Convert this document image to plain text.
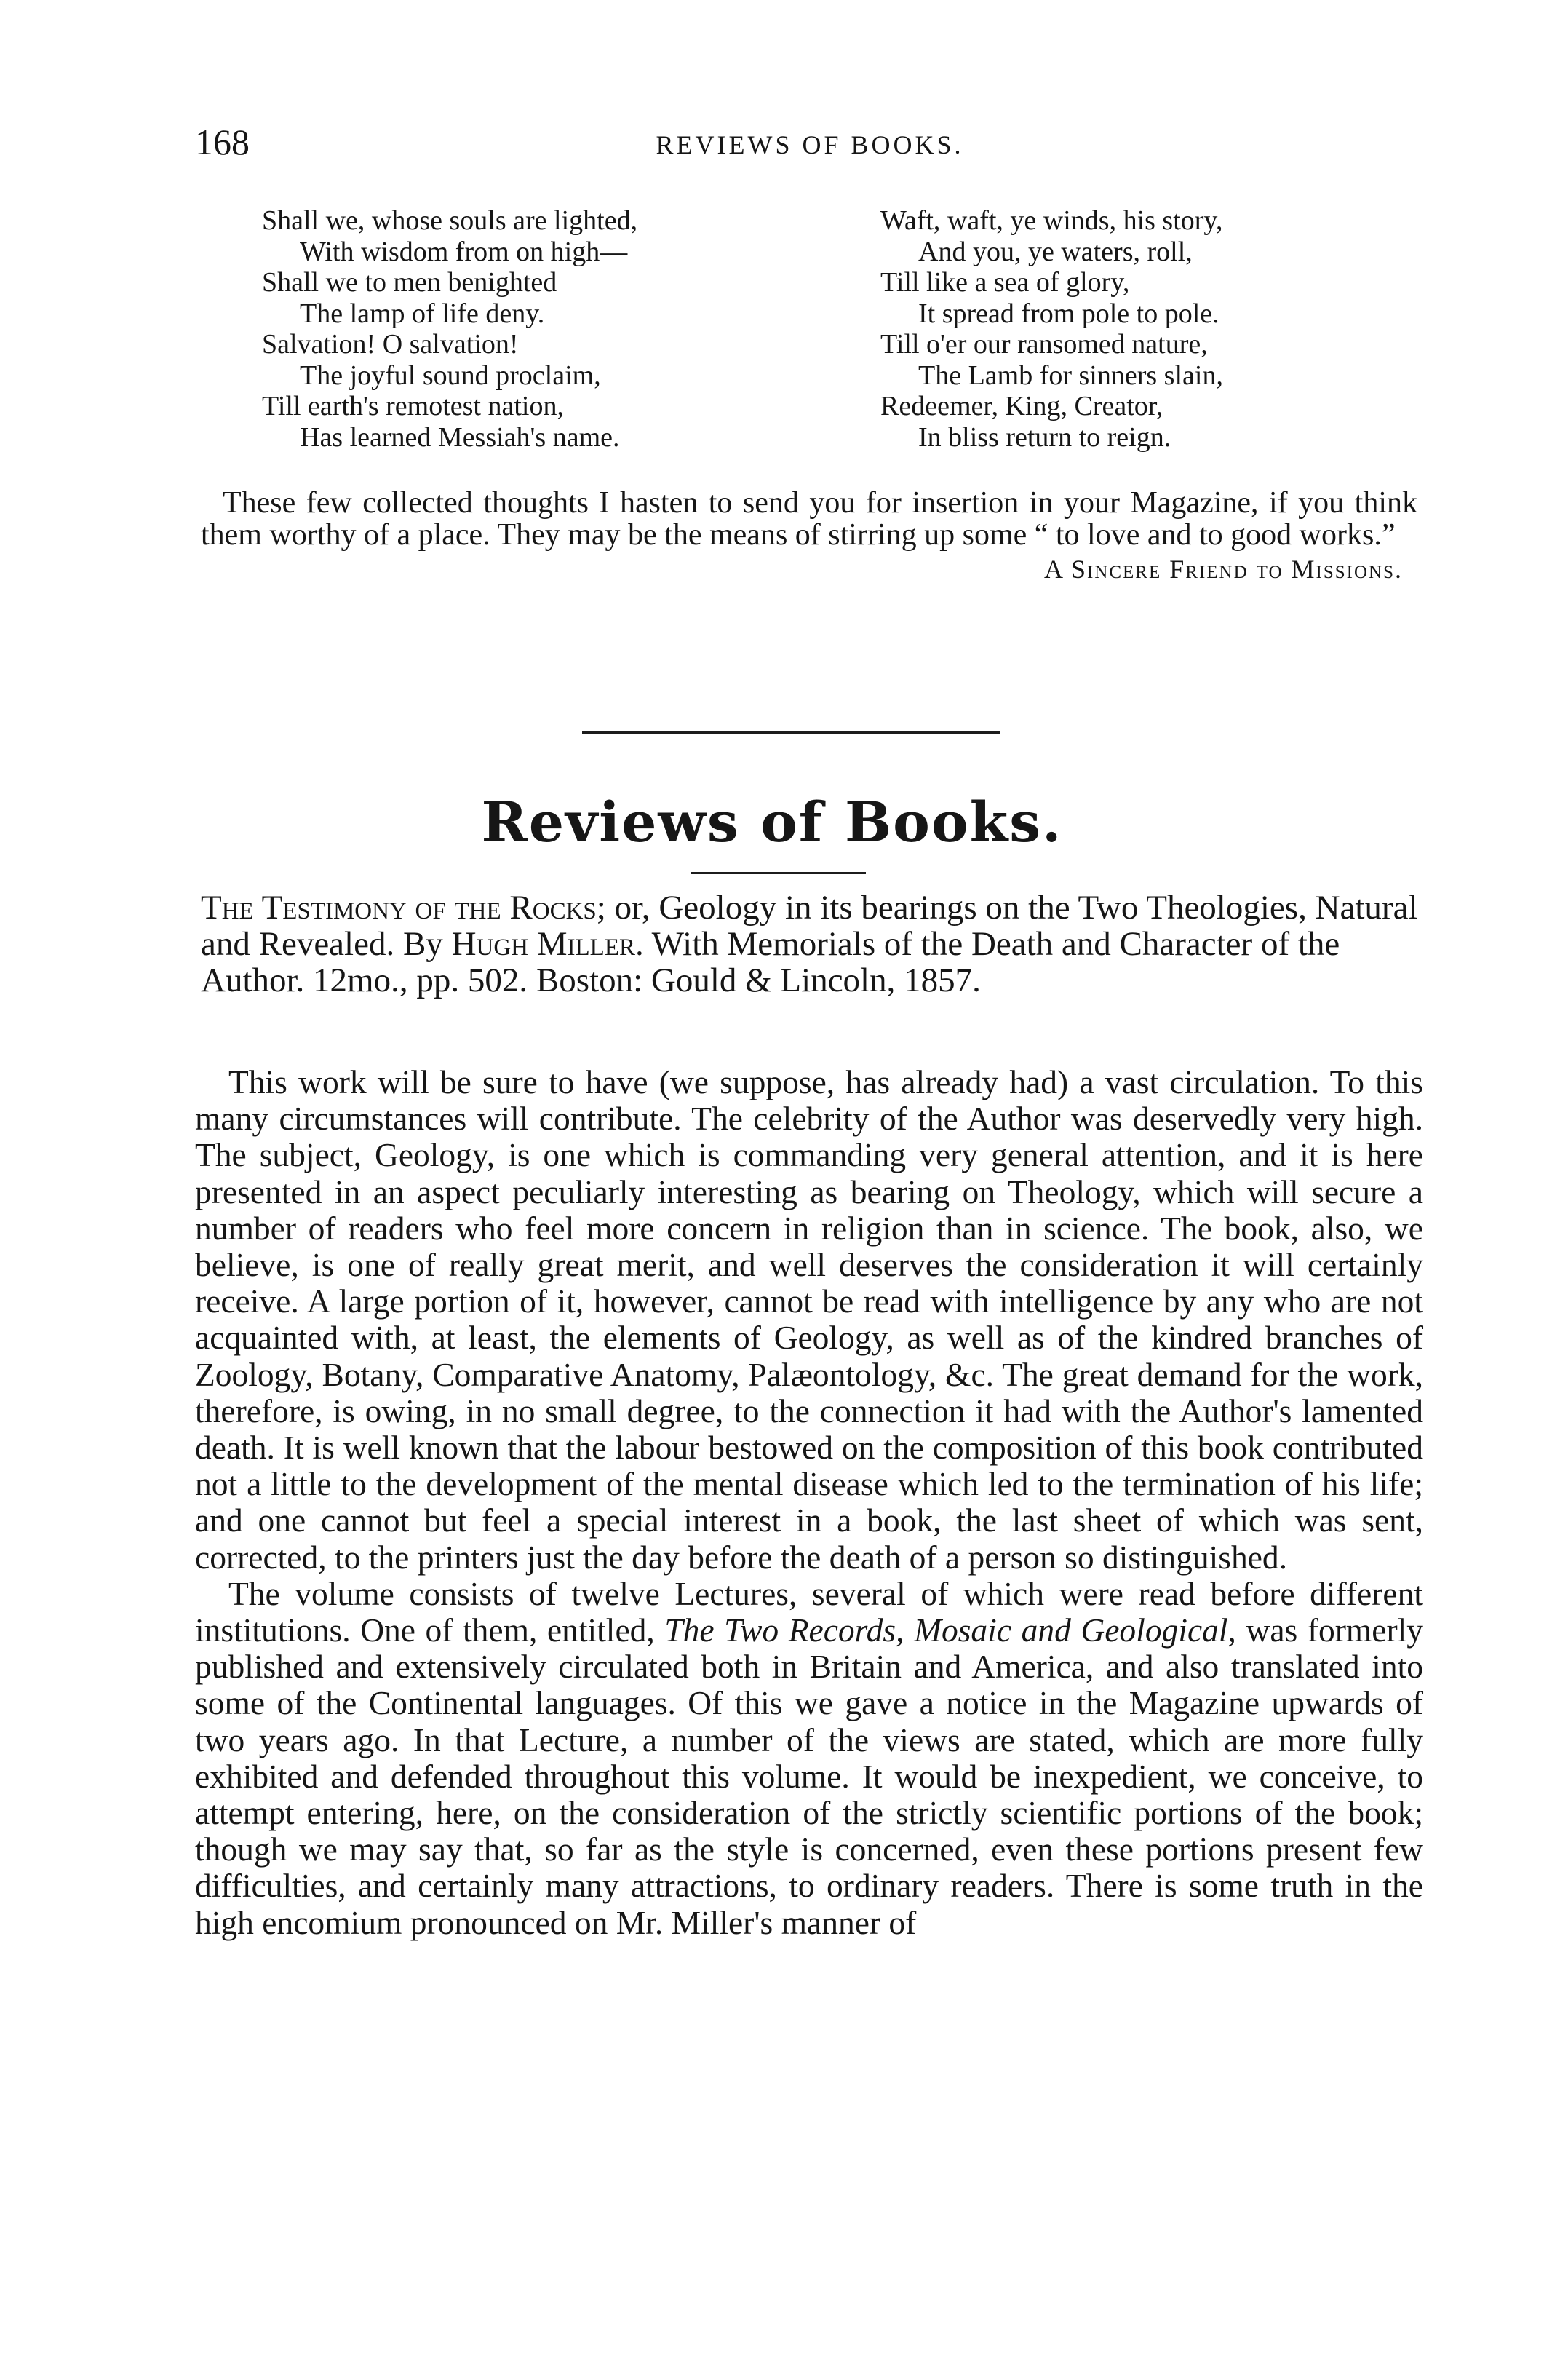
168	REVIEWS OF BOOKS.
Shall we, whose souls are lighted,
With wisdom from on high—
Shall we to men benighted
The lamp of life deny.
Salvation! O salvation!
The joyful sound proclaim,
Till earth's remotest nation,
Has learned Messiah's name.
Waft, waft, ye winds, his story,
And you, ye waters, roll,
Till like a sea of glory,
It spread from pole to pole.
Till o'er our ransomed nature,
The Lamb for sinners slain,
Redeemer, King, Creator,
In bliss return to reign.

These few collected thoughts I hasten to send you for insertion in your Magazine, if you think them worthy of a place. They may be the means of stirring up some “ to love and to good works.”

A Sincere Friend to Missions.
Reviews of Books.
The Testimony of the Rocks; or, Geology in its bearings on the Two Theologies, Natural and Revealed. By Hugh Miller. With Memorials of the Death and Character of the Author. 12mo., pp. 502. Boston: Gould & Lincoln, 1857.

This work will be sure to have (we suppose, has already had) a vast circulation. To this many circumstances will contribute. The celebrity of the Author was deservedly very high. The subject, Geology, is one which is commanding very general attention, and it is here presented in an aspect peculiarly interesting as bearing on Theology, which will secure a number of readers who feel more concern in religion than in science. The book, also, we believe, is one of really great merit, and well deserves the consideration it will certainly receive. A large portion of it, however, cannot be read with intelligence by any who are not acquainted with, at least, the elements of Geology, as well as of the kindred branches of Zoology, Botany, Comparative Anatomy, Palæontology, &c. The great demand for the work, therefore, is owing, in no small degree, to the connection it had with the Author's lamented death. It is well known that the labour bestowed on the composition of this book contributed not a little to the development of the mental disease which led to the termination of his life; and one cannot but feel a special interest in a book, the last sheet of which was sent, corrected, to the printers just the day before the death of a person so distinguished.

The volume consists of twelve Lectures, several of which were read before different institutions. One of them, entitled, The Two Records, Mosaic and Geological, was formerly published and extensively circulated both in Britain and America, and also translated into some of the Continental languages. Of this we gave a notice in the Magazine upwards of two years ago. In that Lecture, a number of the views are stated, which are more fully exhibited and defended throughout this volume. It would be inexpedient, we conceive, to attempt entering, here, on the consideration of the strictly scientific portions of the book; though we may say that, so far as the style is concerned, even these portions present few difficulties, and certainly many attractions, to ordinary readers. There is some truth in the high encomium pronounced on Mr. Miller's manner of
